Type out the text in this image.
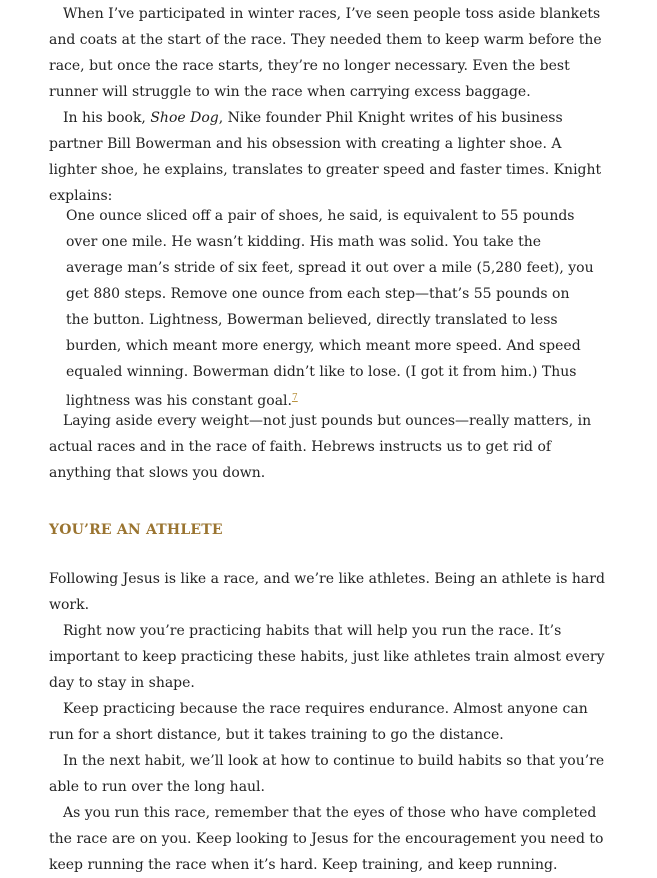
When I’ve participated in winter races, I’ve seen people toss aside blankets and coats at the start of the race. They needed them to keep warm before the race, but once the race starts, they’re no longer necessary. Even the best runner will struggle to win the race when carrying excess baggage.

In his book, Shoe Dog, Nike founder Phil Knight writes of his business partner Bill Bowerman and his obsession with creating a lighter shoe. A lighter shoe, he explains, translates to greater speed and faster times. Knight explains:

One ounce sliced off a pair of shoes, he said, is equivalent to 55 pounds over one mile. He wasn’t kidding. His math was solid. You take the average man’s stride of six feet, spread it out over a mile (5,280 feet), you get 880 steps. Remove one ounce from each step—that’s 55 pounds on the button. Lightness, Bowerman believed, directly translated to less burden, which meant more energy, which meant more speed. And speed equaled winning. Bowerman didn’t like to lose. (I got it from him.) Thus lightness was his constant goal.$^7$

Laying aside every weight—not just pounds but ounces—really matters, in actual races and in the race of faith. Hebrews instructs us to get rid of anything that slows you down.

YOU’RE AN ATHLETE

Following Jesus is like a race, and we’re like athletes. Being an athlete is hard work.

Right now you’re practicing habits that will help you run the race. It’s important to keep practicing these habits, just like athletes train almost every day to stay in shape.

Keep practicing because the race requires endurance. Almost anyone can run for a short distance, but it takes training to go the distance.

In the next habit, we’ll look at how to continue to build habits so that you’re able to run over the long haul.

As you run this race, remember that the eyes of those who have completed the race are on you. Keep looking to Jesus for the encouragement you need to keep running the race when it’s hard. Keep training, and keep running.
